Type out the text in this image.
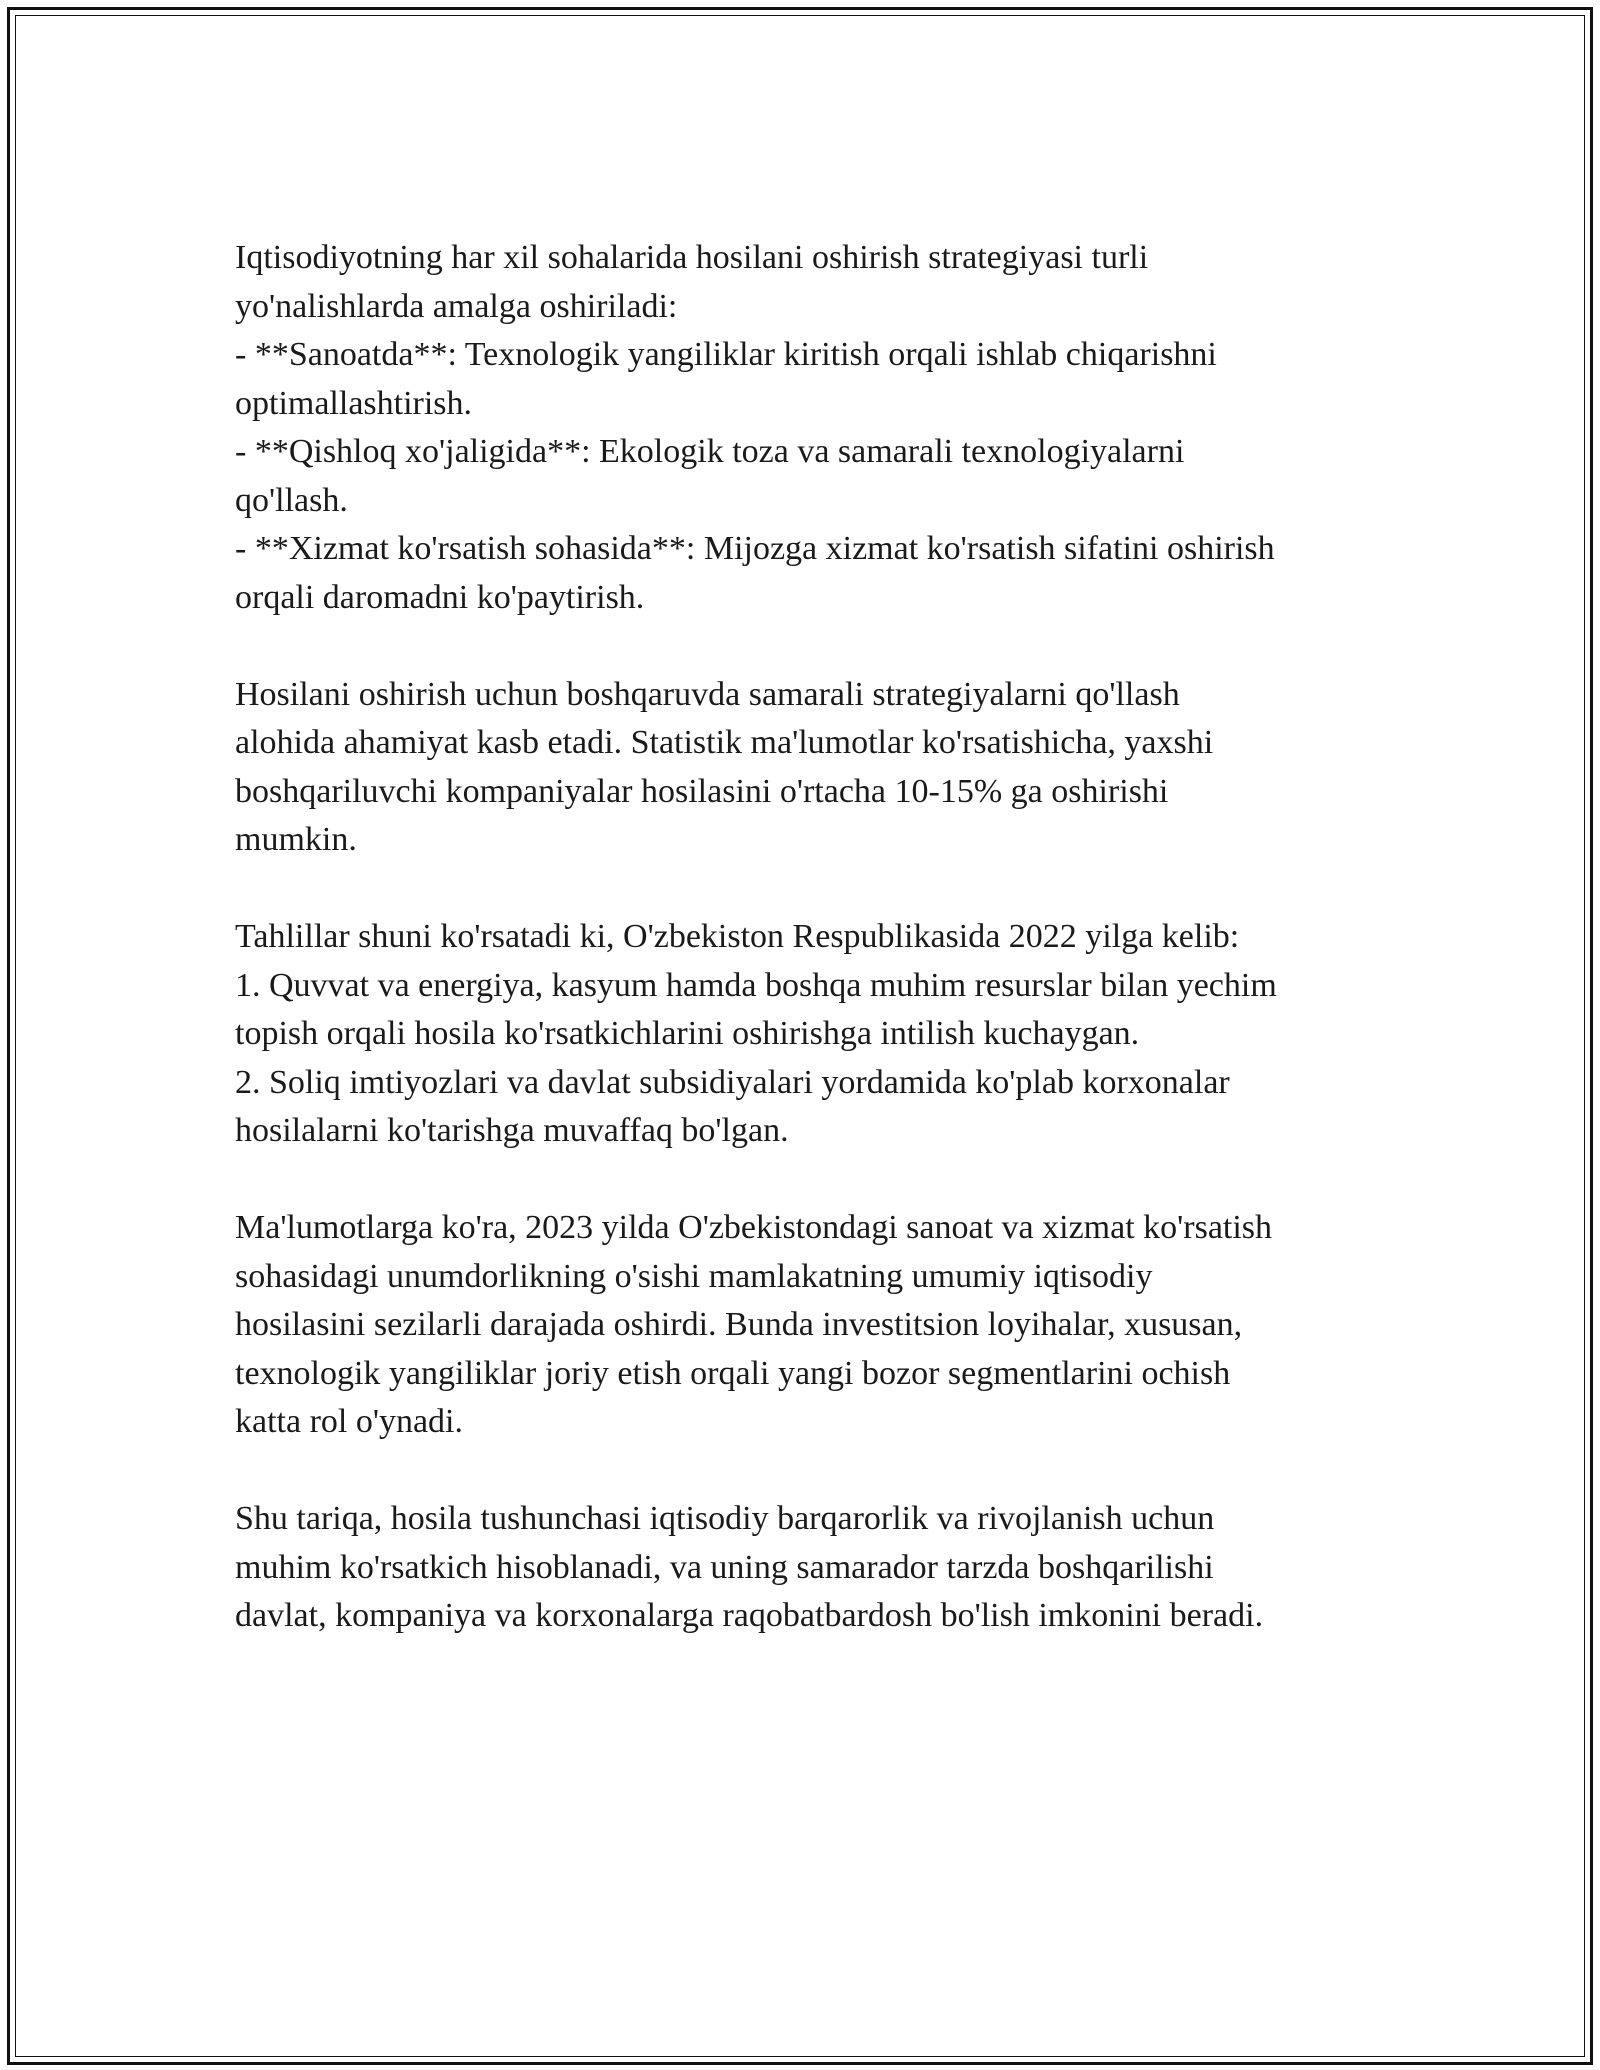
Iqtisodiyotning har xil sohalarida hosilani oshirish strategiyasi turli
yo'nalishlarda amalga oshiriladi:
- **Sanoatda**: Texnologik yangiliklar kiritish orqali ishlab chiqarishni
optimallashtirish.
- **Qishloq xo'jaligida**: Ekologik toza va samarali texnologiyalarni
qo'llash.
- **Xizmat ko'rsatish sohasida**: Mijozga xizmat ko'rsatish sifatini oshirish
orqali daromadni ko'paytirish.

Hosilani oshirish uchun boshqaruvda samarali strategiyalarni qo'llash
alohida ahamiyat kasb etadi. Statistik ma'lumotlar ko'rsatishicha, yaxshi
boshqariluvchi kompaniyalar hosilasini o'rtacha 10-15% ga oshirishi
mumkin.

Tahlillar shuni ko'rsatadi ki, O'zbekiston Respublikasida 2022 yilga kelib:
1. Quvvat va energiya, kasyum hamda boshqa muhim resurslar bilan yechim
topish orqali hosila ko'rsatkichlarini oshirishga intilish kuchaygan.
2. Soliq imtiyozlari va davlat subsidiyalari yordamida ko'plab korxonalar
hosilalarni ko'tarishga muvaffaq bo'lgan.

Ma'lumotlarga ko'ra, 2023 yilda O'zbekistondagi sanoat va xizmat ko'rsatish
sohasidagi unumdorlikning o'sishi mamlakatning umumiy iqtisodiy
hosilasini sezilarli darajada oshirdi. Bunda investitsion loyihalar, xususan,
texnologik yangiliklar joriy etish orqali yangi bozor segmentlarini ochish
katta rol o'ynadi.

Shu tariqa, hosila tushunchasi iqtisodiy barqarorlik va rivojlanish uchun
muhim ko'rsatkich hisoblanadi, va uning samarador tarzda boshqarilishi
davlat, kompaniya va korxonalarga raqobatbardosh bo'lish imkonini beradi.
